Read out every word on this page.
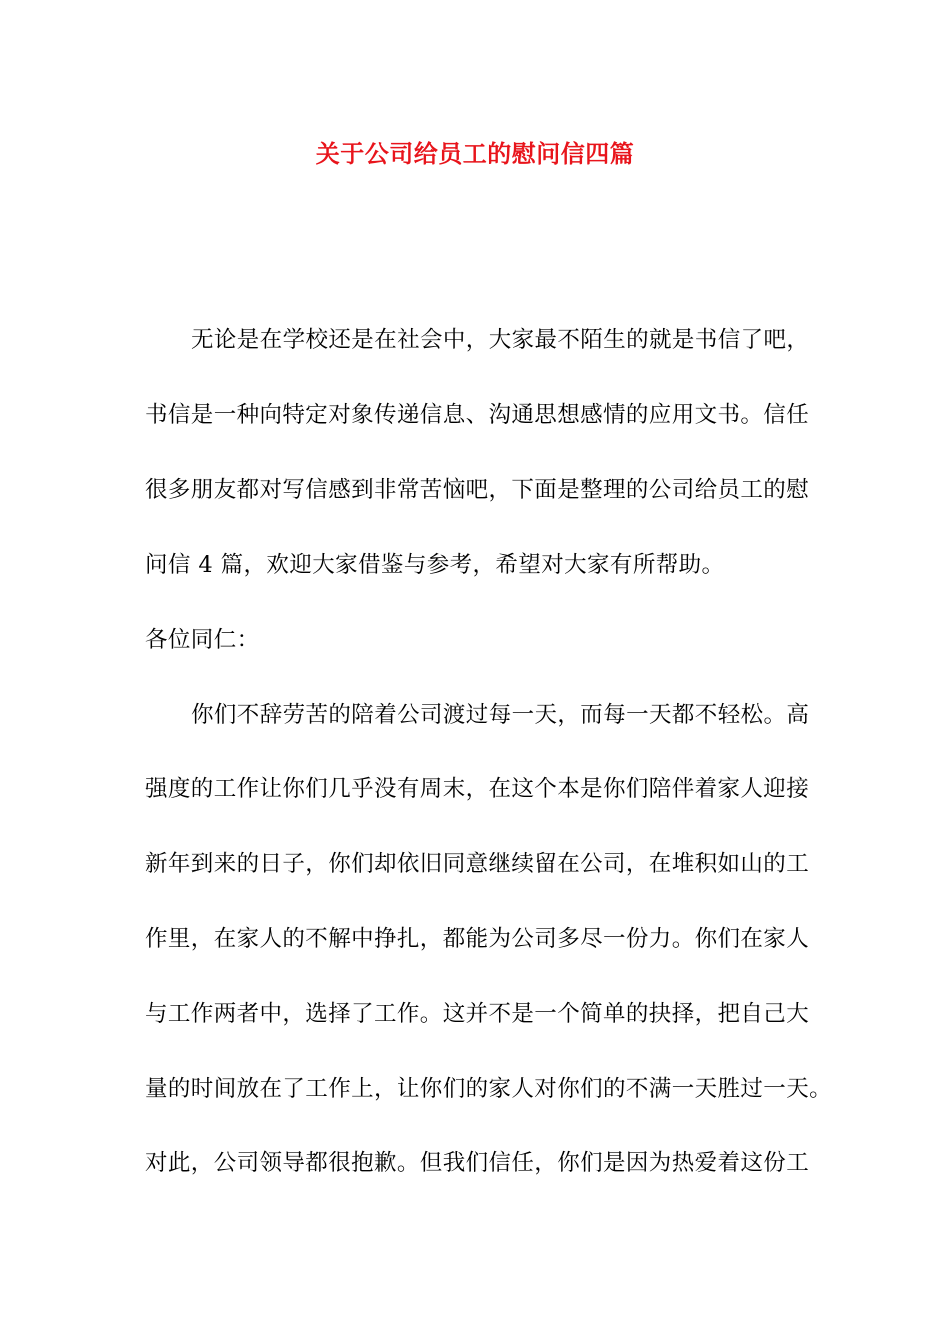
关于公司给员工的慰问信四篇
无论是在学校还是在社会中，大家最不陌生的就是书信了吧，
书信是一种向特定对象传递信息、沟通思想感情的应用文书。信任
很多朋友都对写信感到非常苦恼吧，下面是整理的公司给员工的慰
问信 4 篇，欢迎大家借鉴与参考，希望对大家有所帮助。
各位同仁：
你们不辞劳苦的陪着公司渡过每一天，而每一天都不轻松。高
强度的工作让你们几乎没有周末，在这个本是你们陪伴着家人迎接
新年到来的日子，你们却依旧同意继续留在公司，在堆积如山的工
作里，在家人的不解中挣扎，都能为公司多尽一份力。你们在家人
与工作两者中，选择了工作。这并不是一个简单的抉择，把自己大
量的时间放在了工作上，让你们的家人对你们的不满一天胜过一天。
对此，公司领导都很抱歉。但我们信任，你们是因为热爱着这份工
